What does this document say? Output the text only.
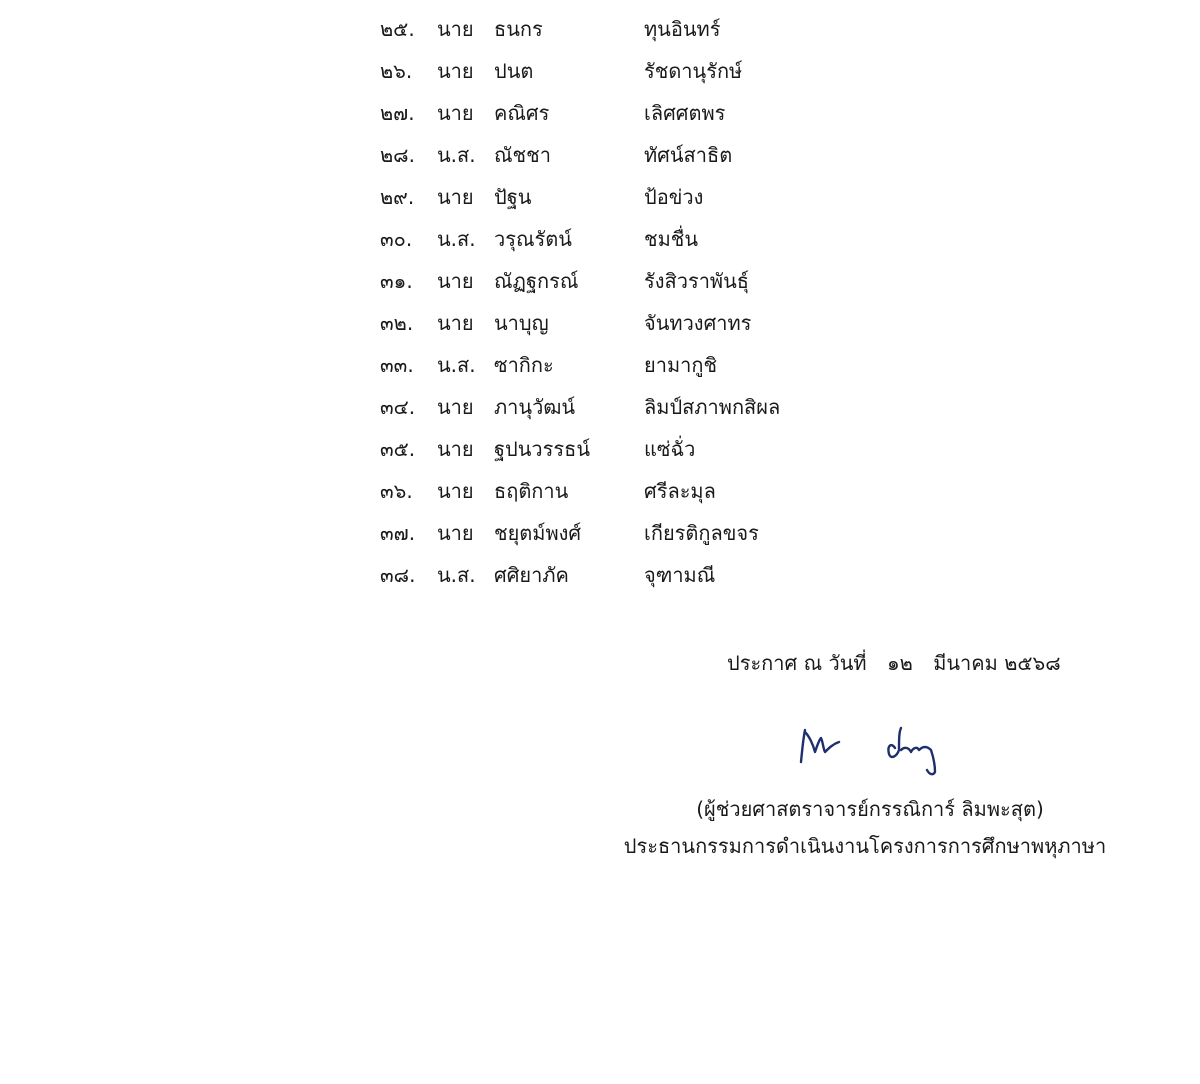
๒๕. นาย ธนกร	ทุนอินทร์
๒๖. นาย ปนต	รัชดานุรักษ์
๒๗. นาย คณิศร	เลิศศตพร
๒๘. น.ส. ณัชชา	ทัศน์สาธิต
๒๙. นาย ปัฐน	ป้อข่วง
๓๐. น.ส. วรุณรัตน์	ชมชื่น
๓๑. นาย ณัฏฐกรณ์	รังสิวราพันธุ์
๓๒. นาย นาบุญ	จันทวงศาทร
๓๓. น.ส. ซากิกะ	ยามากูชิ
๓๔. นาย ภานุวัฒน์	ลิมป์สภาพกสิผล
๓๕. นาย ฐปนวรรธน์	แซ่ฉั่ว
๓๖. นาย ธฤติกาน	ศรีละมุล
๓๗. นาย ชยุตม์พงศ์	เกียรติกูลขจร
๓๘. น.ส. ศศิยาภัค	จุฑามณี
ประกาศ ณ วันที่ ๑๒ มีนาคม ๒๕๖๘
(ผู้ช่วยศาสตราจารย์กรรณิการ์ ลิมพะสุต)
ประธานกรรมการดำเนินงานโครงการการศึกษาพหุภาษา
